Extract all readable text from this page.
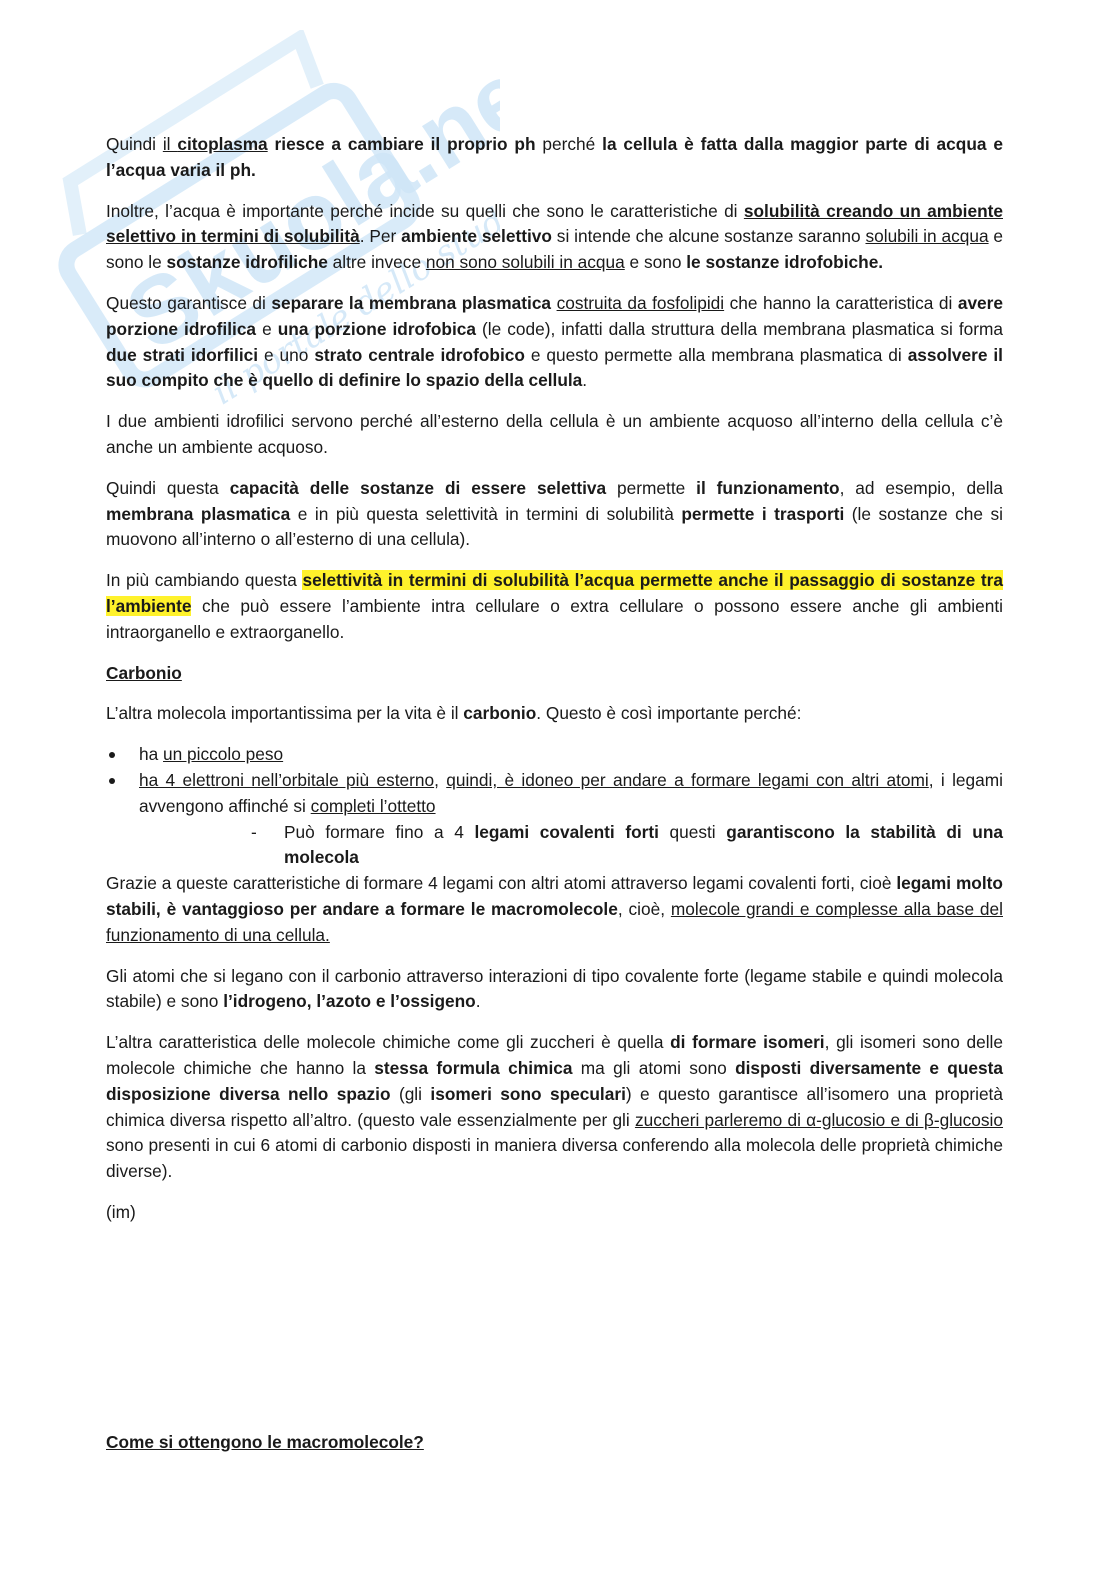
Skuola.net
il portale dello studente

Quindi il citoplasma riesce a cambiare il proprio ph perché la cellula è fatta dalla maggior parte di acqua e l’acqua varia il ph.

Inoltre, l’acqua è importante perché incide su quelli che sono le caratteristiche di solubilità creando un ambiente selettivo in termini di solubilità. Per ambiente selettivo si intende che alcune sostanze saranno solubili in acqua e sono le sostanze idrofiliche altre invece non sono solubili in acqua e sono le sostanze idrofobiche.

Questo garantisce di separare la membrana plasmatica costruita da fosfolipidi che hanno la caratteristica di avere porzione idrofilica e una porzione idrofobica (le code), infatti dalla struttura della membrana plasmatica si forma due strati idorfilici e uno strato centrale idrofobico e questo permette alla membrana plasmatica di assolvere il suo compito che è quello di definire lo spazio della cellula.

I due ambienti idrofilici servono perché all’esterno della cellula è un ambiente acquoso all’interno della cellula c’è anche un ambiente acquoso.

Quindi questa capacità delle sostanze di essere selettiva permette il funzionamento, ad esempio, della membrana plasmatica e in più questa selettività in termini di solubilità permette i trasporti (le sostanze che si muovono all’interno o all’esterno di una cellula).

In più cambiando questa selettività in termini di solubilità l’acqua permette anche il passaggio di sostanze tra l’ambiente che può essere l’ambiente intra cellulare o extra cellulare o possono essere anche gli ambienti intraorganello e extraorganello.

Carbonio

L’altra molecola importantissima per la vita è il carbonio. Questo è così importante perché:

ha un piccolo peso
ha 4 elettroni nell’orbitale più esterno, quindi, è idoneo per andare a formare legami con altri atomi, i legami avvengono affinché si completi l’ottetto
- Può formare fino a 4 legami covalenti forti questi garantiscono la stabilità di una molecola

Grazie a queste caratteristiche di formare 4 legami con altri atomi attraverso legami covalenti forti, cioè legami molto stabili, è vantaggioso per andare a formare le macromolecole, cioè, molecole grandi e complesse alla base del funzionamento di una cellula.

Gli atomi che si legano con il carbonio attraverso interazioni di tipo covalente forte (legame stabile e quindi molecola stabile) e sono l’idrogeno, l’azoto e l’ossigeno.

L’altra caratteristica delle molecole chimiche come gli zuccheri è quella di formare isomeri, gli isomeri sono delle molecole chimiche che hanno la stessa formula chimica ma gli atomi sono disposti diversamente e questa disposizione diversa nello spazio (gli isomeri sono speculari) e questo garantisce all’isomero una proprietà chimica diversa rispetto all’altro. (questo vale essenzialmente per gli zuccheri parleremo di α-glucosio e di β-glucosio sono presenti in cui 6 atomi di carbonio disposti in maniera diversa conferendo alla molecola delle proprietà chimiche diverse).

(im)

Come si ottengono le macromolecole?
